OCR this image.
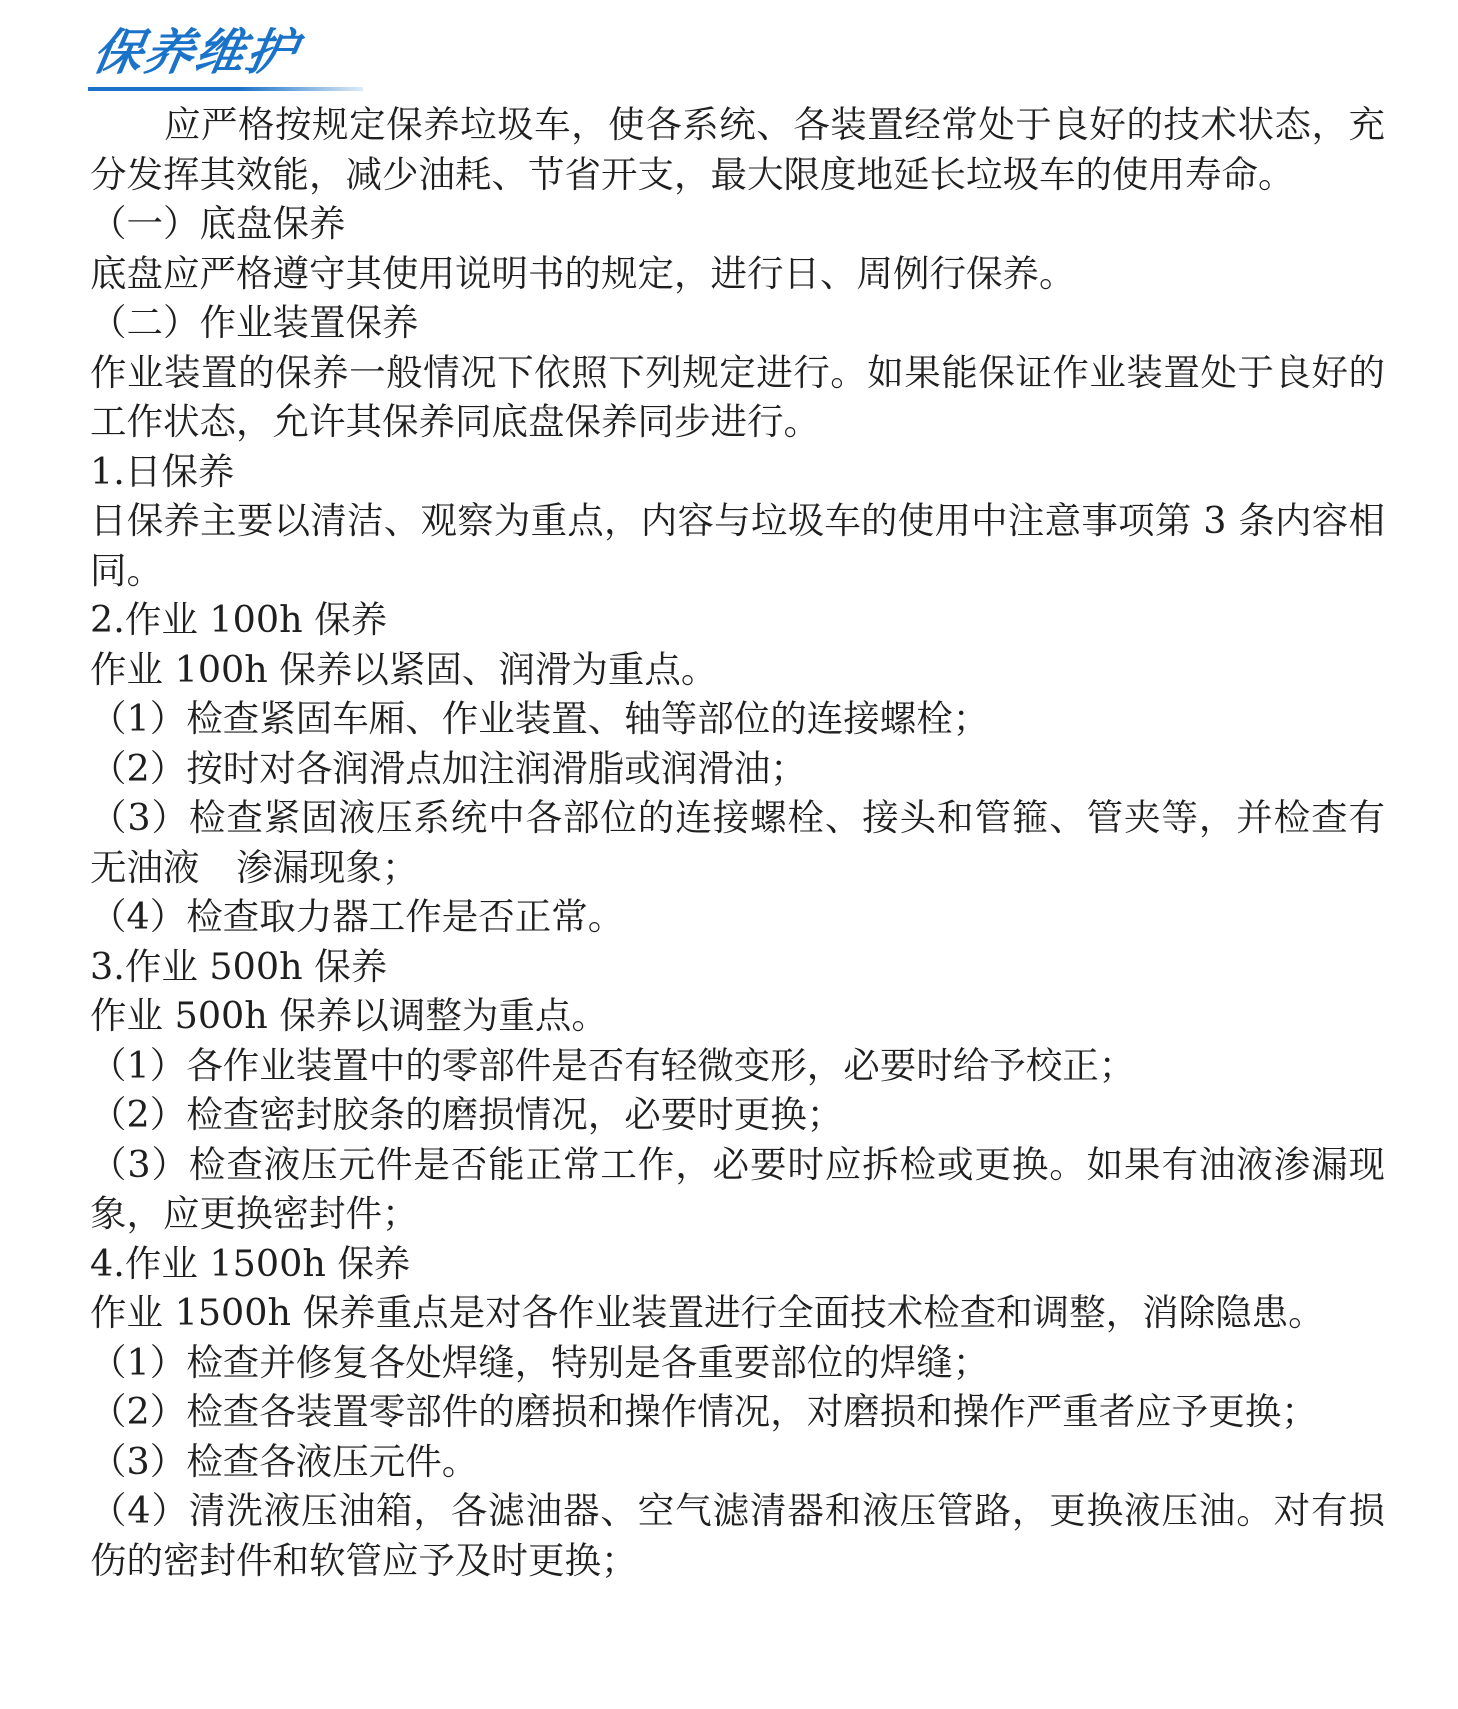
保养维护

应严格按规定保养垃圾车，使各系统、各装置经常处于良好的技术状态，充分发挥其效能，减少油耗、节省开支，最大限度地延长垃圾车的使用寿命。

（一）底盘保养

底盘应严格遵守其使用说明书的规定，进行日、周例行保养。

（二）作业装置保养

作业装置的保养一般情况下依照下列规定进行。如果能保证作业装置处于良好的工作状态，允许其保养同底盘保养同步进行。

1.日保养

日保养主要以清洁、观察为重点，内容与垃圾车的使用中注意事项第 3 条内容相同。

2.作业 100h 保养

作业 100h 保养以紧固、润滑为重点。

（1）检查紧固车厢、作业装置、轴等部位的连接螺栓；

（2）按时对各润滑点加注润滑脂或润滑油；

（3）检查紧固液压系统中各部位的连接螺栓、接头和管箍、管夹等，并检查有无油液　渗漏现象；

（4）检查取力器工作是否正常。

3.作业 500h 保养

作业 500h 保养以调整为重点。

（1）各作业装置中的零部件是否有轻微变形，必要时给予校正；

（2）检查密封胶条的磨损情况，必要时更换；

（3）检查液压元件是否能正常工作，必要时应拆检或更换。如果有油液渗漏现象，应更换密封件；

4.作业 1500h 保养

作业 1500h 保养重点是对各作业装置进行全面技术检查和调整，消除隐患。

（1）检查并修复各处焊缝，特别是各重要部位的焊缝；

（2）检查各装置零部件的磨损和操作情况，对磨损和操作严重者应予更换；

（3）检查各液压元件。

（4）清洗液压油箱，各滤油器、空气滤清器和液压管路，更换液压油。对有损伤的密封件和软管应予及时更换；
